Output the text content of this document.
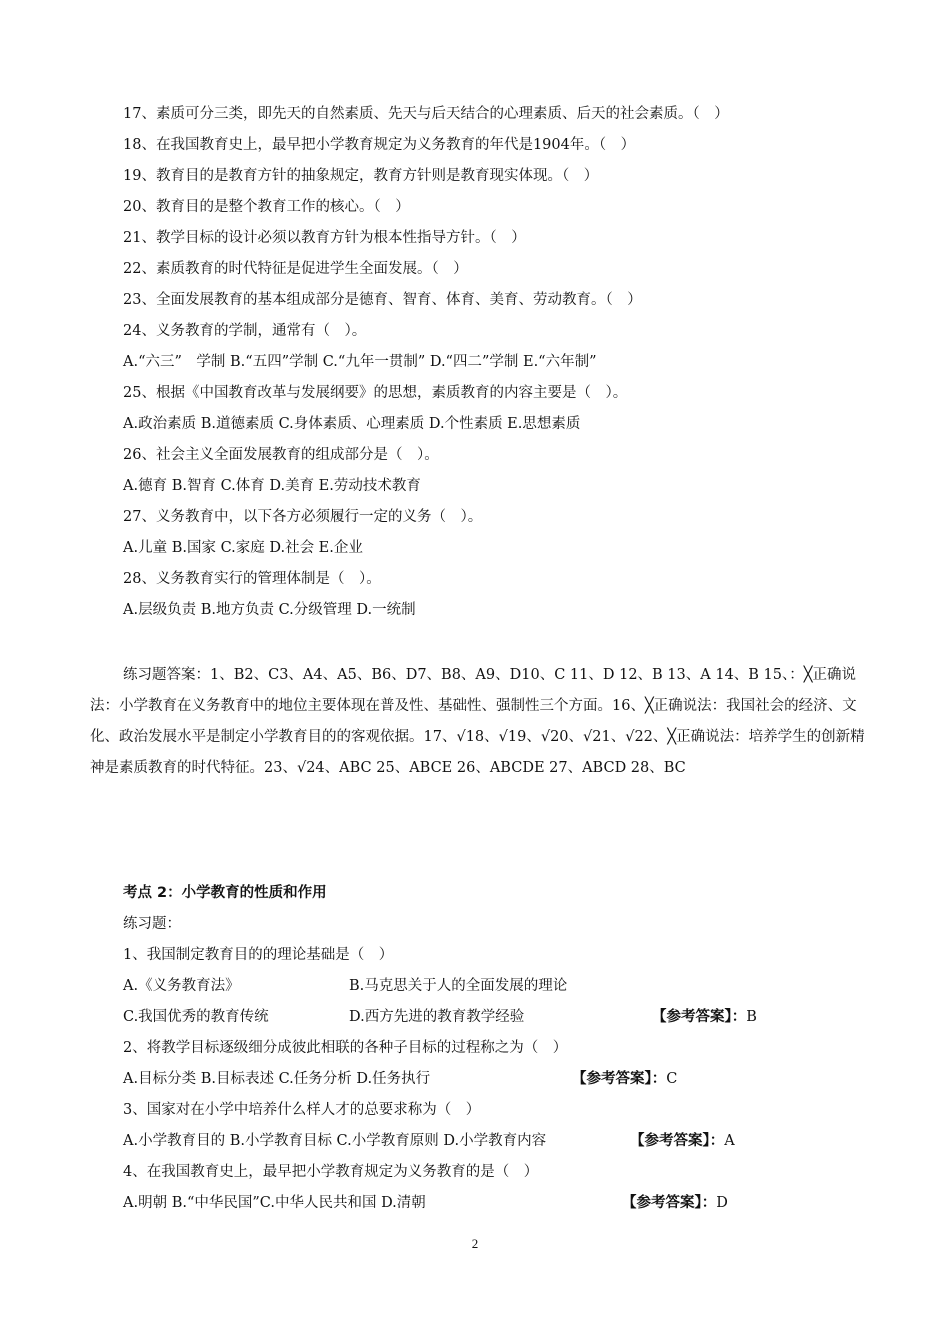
17、素质可分三类，即先天的自然素质、先天与后天结合的心理素质、后天的社会素质。（　）
18、在我国教育史上，最早把小学教育规定为义务教育的年代是1904年。（　）
19、教育目的是教育方针的抽象规定，教育方针则是教育现实体现。（　）
20、教育目的是整个教育工作的核心。（　）
21、教学目标的设计必须以教育方针为根本性指导方针。（　）
22、素质教育的时代特征是促进学生全面发展。（　）
23、全面发展教育的基本组成部分是德育、智育、体育、美育、劳动教育。（　）
24、义务教育的学制，通常有（　）。
A.“六三”　学制 B.“五四”学制 C.“九年一贯制” D.“四二”学制 E.“六年制”
25、根据《中国教育改革与发展纲要》的思想，素质教育的内容主要是（　）。
A.政治素质 B.道德素质 C.身体素质、心理素质 D.个性素质 E.思想素质
26、社会主义全面发展教育的组成部分是（　）。
A.德育 B.智育 C.体育 D.美育 E.劳动技术教育
27、义务教育中，以下各方必须履行一定的义务（　）。
A.儿童 B.国家 C.家庭 D.社会 E.企业
28、义务教育实行的管理体制是（　）。
A.层级负责 B.地方负责 C.分级管理 D.一统制
练习题答案：1、B2、C3、A4、A5、B6、D7、B8、A9、D10、C 11、D 12、B 13、A 14、B 15、：╳正确说法：小学教育在义务教育中的地位主要体现在普及性、基础性、强制性三个方面。16、╳正确说法：我国社会的经济、文化、政治发展水平是制定小学教育目的的客观依据。17、√18、√19、√20、√21、√22、╳正确说法：培养学生的创新精神是素质教育的时代特征。23、√24、ABC 25、ABCE 26、ABCDE 27、ABCD 28、BC
考点 2：小学教育的性质和作用
练习题：
1、我国制定教育目的的理论基础是（　）
A.《义务教育法》	B.马克思关于人的全面发展的理论
C.我国优秀的教育传统	D.西方先进的教育教学经验	【参考答案】：B
2、将教学目标逐级细分成彼此相联的各种子目标的过程称之为（　）
A.目标分类 B.目标表述 C.任务分析 D.任务执行	【参考答案】：C
3、国家对在小学中培养什么样人才的总要求称为（　）
A.小学教育目的 B.小学教育目标 C.小学教育原则 D.小学教育内容	【参考答案】：A
4、在我国教育史上，最早把小学教育规定为义务教育的是（　）
A.明朝 B.“中华民国”C.中华人民共和国 D.清朝	【参考答案】：D
2
